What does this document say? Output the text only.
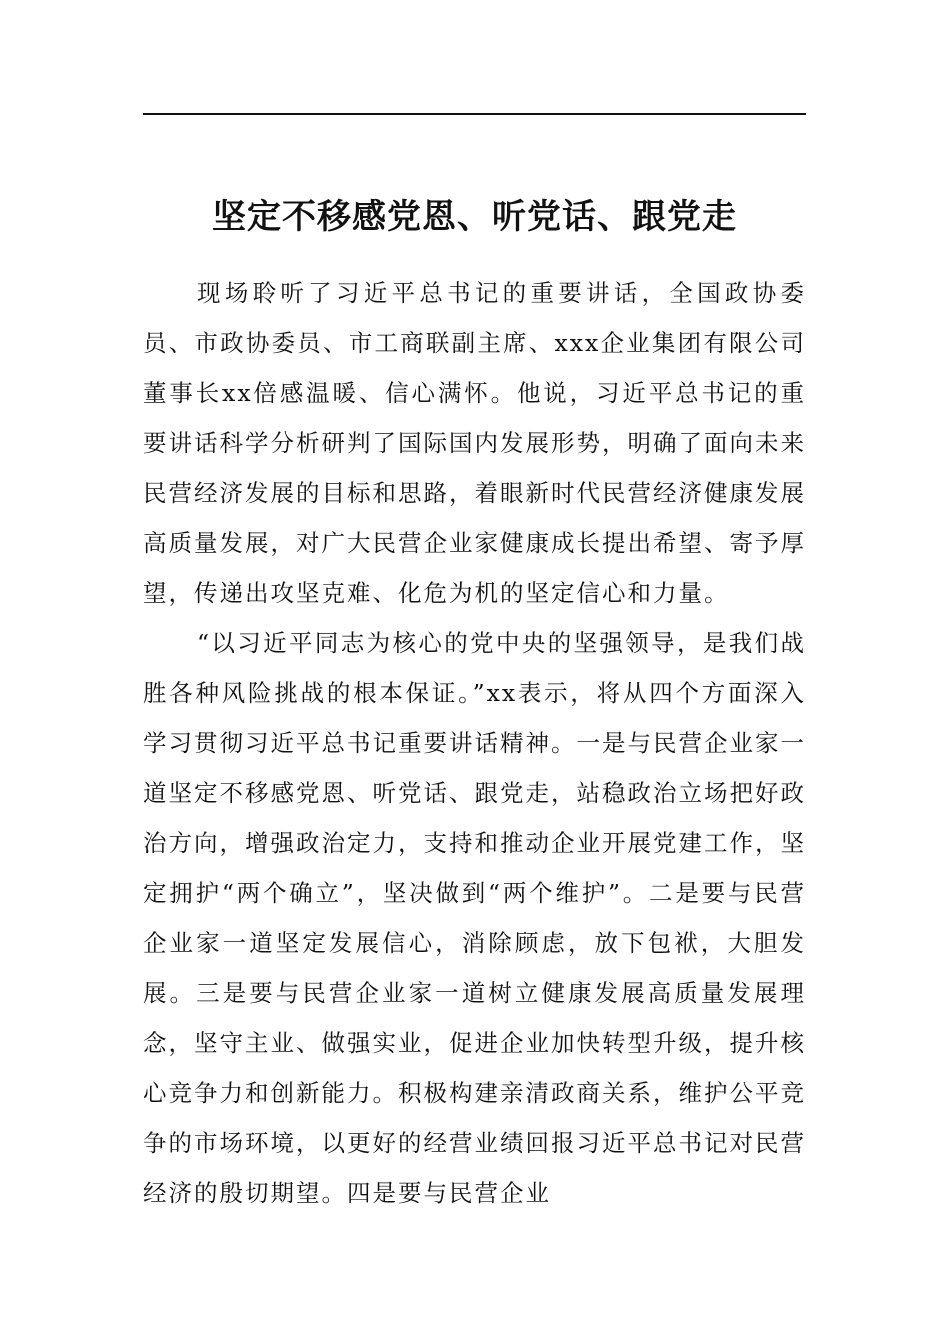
坚定不移感党恩、听党话、跟党走

现场聆听了习近平总书记的重要讲话，全国政协委员、市政协委员、市工商联副主席、xxx企业集团有限公司董事长xx倍感温暖、信心满怀。他说，习近平总书记的重要讲话科学分析研判了国际国内发展形势，明确了面向未来民营经济发展的目标和思路，着眼新时代民营经济健康发展高质量发展，对广大民营企业家健康成长提出希望、寄予厚望，传递出攻坚克难、化危为机的坚定信心和力量。

“以习近平同志为核心的党中央的坚强领导，是我们战胜各种风险挑战的根本保证。”xx表示，将从四个方面深入学习贯彻习近平总书记重要讲话精神。一是与民营企业家一道坚定不移感党恩、听党话、跟党走，站稳政治立场把好政治方向，增强政治定力，支持和推动企业开展党建工作，坚定拥护“两个确立”，坚决做到“两个维护”。二是要与民营企业家一道坚定发展信心，消除顾虑，放下包袱，大胆发展。三是要与民营企业家一道树立健康发展高质量发展理念，坚守主业、做强实业，促进企业加快转型升级，提升核心竞争力和创新能力。积极构建亲清政商关系，维护公平竞争的市场环境，以更好的经营业绩回报习近平总书记对民营经济的殷切期望。四是要与民营企业
